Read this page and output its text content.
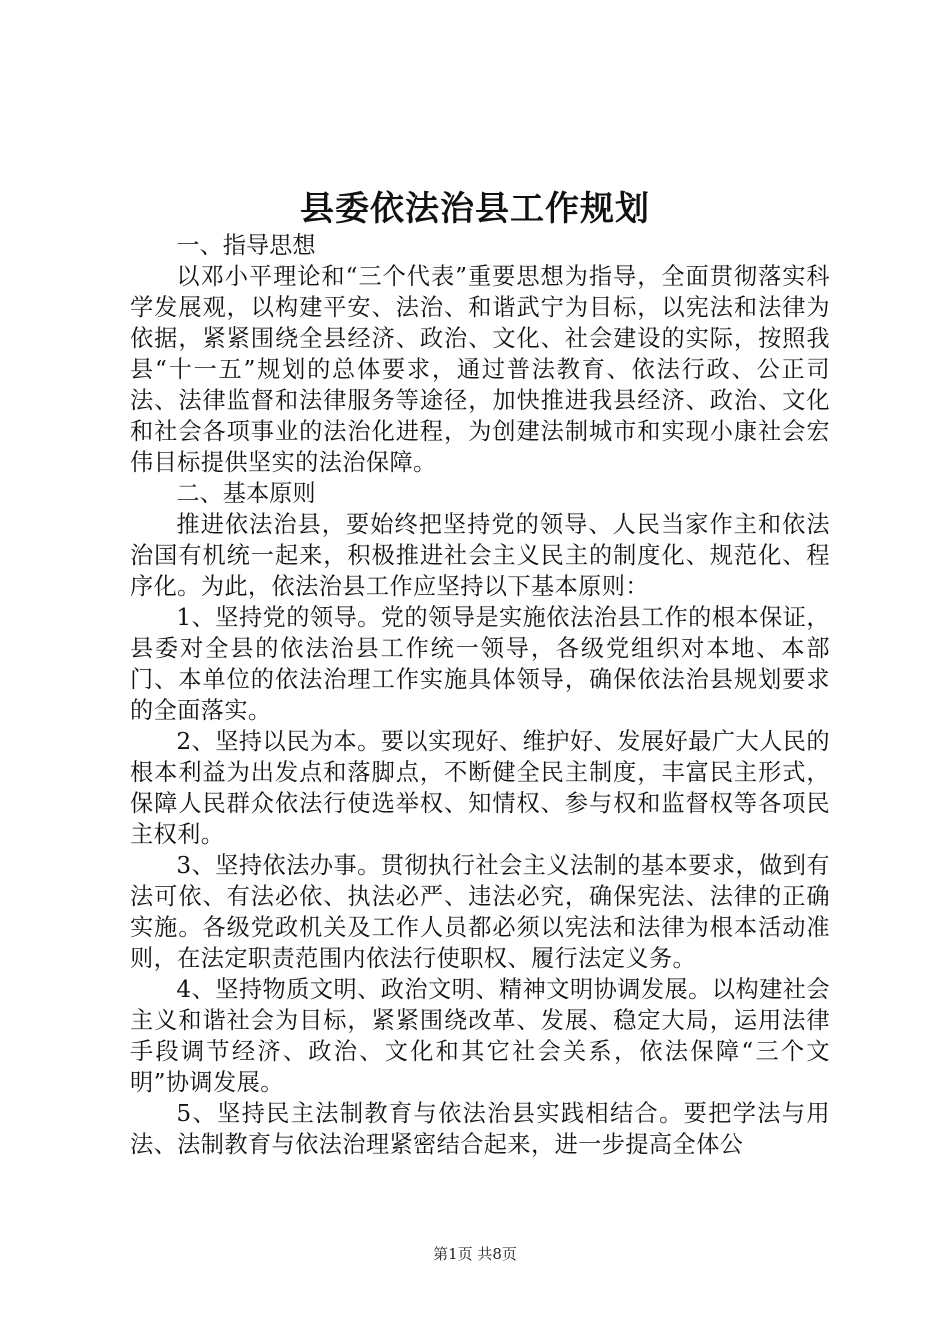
县委依法治县工作规划

一、指导思想

以邓小平理论和“三个代表”重要思想为指导，全面贯彻落实科学发展观，以构建平安、法治、和谐武宁为目标，以宪法和法律为依据，紧紧围绕全县经济、政治、文化、社会建设的实际，按照我县“十一五”规划的总体要求，通过普法教育、依法行政、公正司法、法律监督和法律服务等途径，加快推进我县经济、政治、文化和社会各项事业的法治化进程，为创建法制城市和实现小康社会宏伟目标提供坚实的法治保障。

二、基本原则

推进依法治县，要始终把坚持党的领导、人民当家作主和依法治国有机统一起来，积极推进社会主义民主的制度化、规范化、程序化。为此，依法治县工作应坚持以下基本原则：

1、坚持党的领导。党的领导是实施依法治县工作的根本保证，县委对全县的依法治县工作统一领导，各级党组织对本地、本部门、本单位的依法治理工作实施具体领导，确保依法治县规划要求的全面落实。

2、坚持以民为本。要以实现好、维护好、发展好最广大人民的根本利益为出发点和落脚点，不断健全民主制度，丰富民主形式，保障人民群众依法行使选举权、知情权、参与权和监督权等各项民主权利。

3、坚持依法办事。贯彻执行社会主义法制的基本要求，做到有法可依、有法必依、执法必严、违法必究，确保宪法、法律的正确实施。各级党政机关及工作人员都必须以宪法和法律为根本活动准则，在法定职责范围内依法行使职权、履行法定义务。

4、坚持物质文明、政治文明、精神文明协调发展。以构建社会主义和谐社会为目标，紧紧围绕改革、发展、稳定大局，运用法律手段调节经济、政治、文化和其它社会关系，依法保障“三个文明”协调发展。

5、坚持民主法制教育与依法治县实践相结合。要把学法与用法、法制教育与依法治理紧密结合起来，进一步提高全体公

第1页 共8页
